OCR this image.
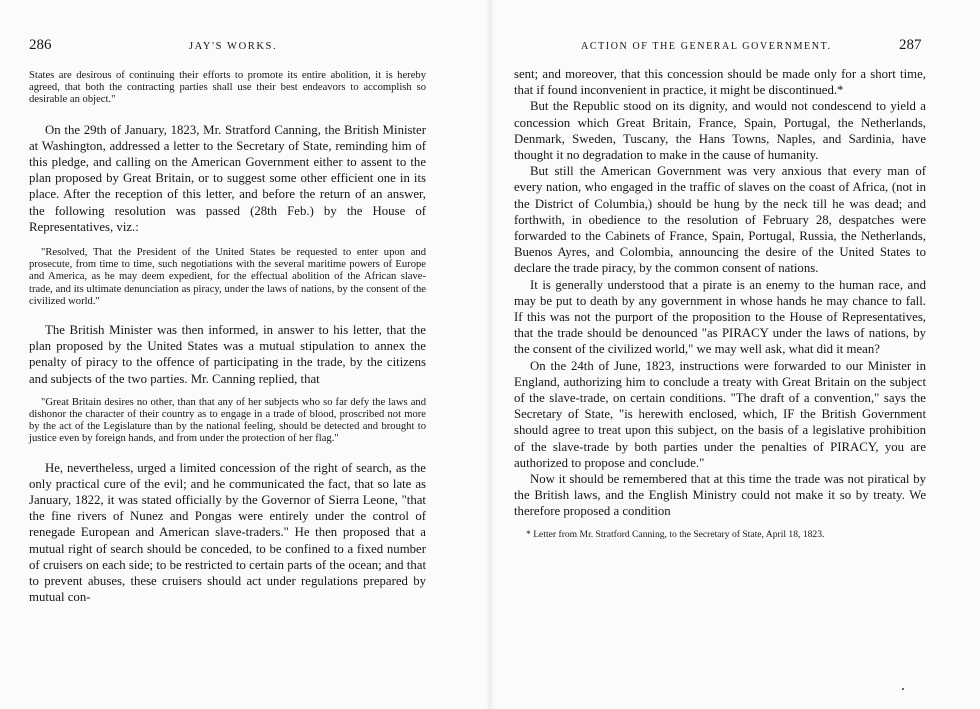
286	JAY'S WORKS.

States are desirous of continuing their efforts to promote its entire abolition, it is hereby agreed, that both the contracting parties shall use their best endeavors to accomplish so desirable an object."

On the 29th of January, 1823, Mr. Stratford Canning, the British Minister at Washington, addressed a letter to the Secretary of State, reminding him of this pledge, and calling on the American Government either to assent to the plan proposed by Great Britain, or to suggest some other efficient one in its place. After the reception of this letter, and before the return of an answer, the following resolution was passed (28th Feb.) by the House of Representatives, viz.:

"Resolved, That the President of the United States be requested to enter upon and prosecute, from time to time, such negotiations with the several maritime powers of Europe and America, as he may deem expedient, for the effectual abolition of the African slave-trade, and its ultimate denunciation as piracy, under the laws of nations, by the consent of the civilized world."

The British Minister was then informed, in answer to his letter, that the plan proposed by the United States was a mutual stipulation to annex the penalty of piracy to the offence of participating in the trade, by the citizens and subjects of the two parties. Mr. Canning replied, that

"Great Britain desires no other, than that any of her subjects who so far defy the laws and dishonor the character of their country as to engage in a trade of blood, proscribed not more by the act of the Legislature than by the national feeling, should be detected and brought to justice even by foreign hands, and from under the protection of her flag."

He, nevertheless, urged a limited concession of the right of search, as the only practical cure of the evil; and he communicated the fact, that so late as January, 1822, it was stated officially by the Governor of Sierra Leone, "that the fine rivers of Nunez and Pongas were entirely under the control of renegade European and American slave-traders." He then proposed that a mutual right of search should be conceded, to be confined to a fixed number of cruisers on each side; to be restricted to certain parts of the ocean; and that to prevent abuses, these cruisers should act under regulations prepared by mutual con-

ACTION OF THE GENERAL GOVERNMENT.	287

sent; and moreover, that this concession should be made only for a short time, that if found inconvenient in practice, it might be discontinued.*

But the Republic stood on its dignity, and would not condescend to yield a concession which Great Britain, France, Spain, Portugal, the Netherlands, Denmark, Sweden, Tuscany, the Hans Towns, Naples, and Sardinia, have thought it no degradation to make in the cause of humanity.

But still the American Government was very anxious that every man of every nation, who engaged in the traffic of slaves on the coast of Africa, (not in the District of Columbia,) should be hung by the neck till he was dead; and forthwith, in obedience to the resolution of February 28, despatches were forwarded to the Cabinets of France, Spain, Portugal, Russia, the Netherlands, Buenos Ayres, and Colombia, announcing the desire of the United States to declare the trade piracy, by the common consent of nations.

It is generally understood that a pirate is an enemy to the human race, and may be put to death by any government in whose hands he may chance to fall. If this was not the purport of the proposition to the House of Representatives, that the trade should be denounced "as PIRACY under the laws of nations, by the consent of the civilized world," we may well ask, what did it mean?

On the 24th of June, 1823, instructions were forwarded to our Minister in England, authorizing him to conclude a treaty with Great Britain on the subject of the slave-trade, on certain conditions. "The draft of a convention," says the Secretary of State, "is herewith enclosed, which, IF the British Government should agree to treat upon this subject, on the basis of a legislative prohibition of the slave-trade by both parties under the penalties of PIRACY, you are authorized to propose and conclude."

Now it should be remembered that at this time the trade was not piratical by the British laws, and the English Ministry could not make it so by treaty. We therefore proposed a condition

* Letter from Mr. Stratford Canning, to the Secretary of State, April 18, 1823.
